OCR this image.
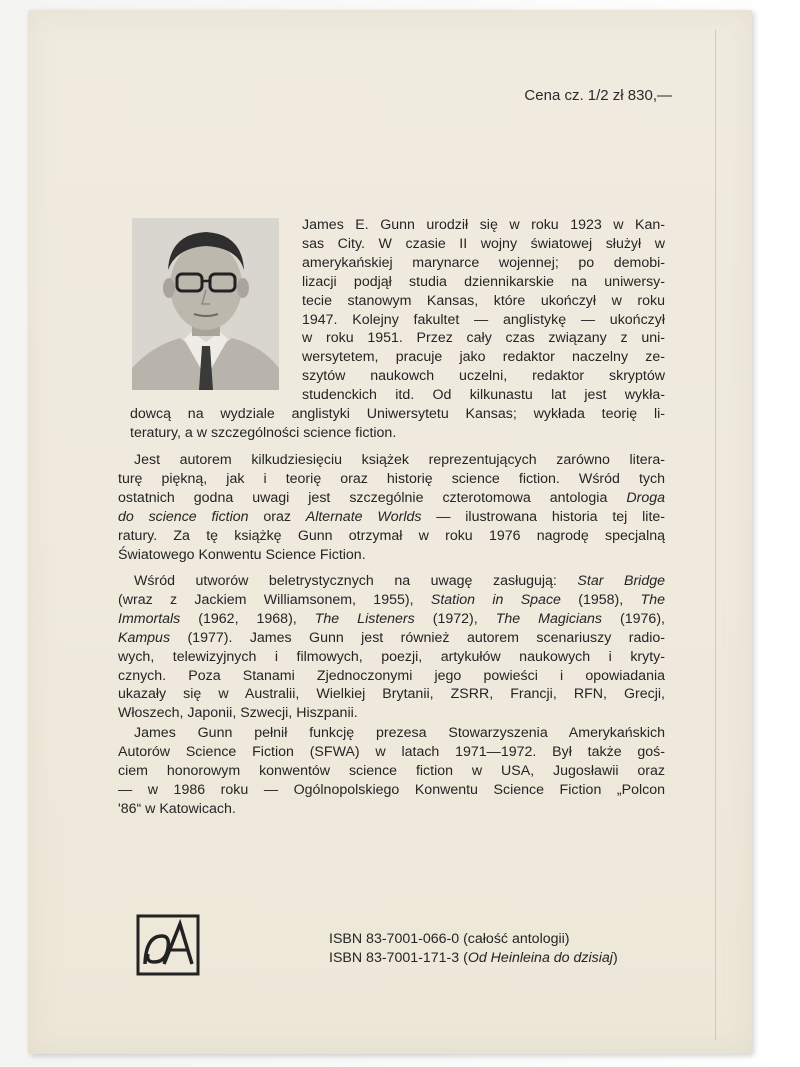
Cena cz. 1/2 zł 830,—
James E. Gunn urodził się w roku 1923 w Kan-
sas City. W czasie II wojny światowej służył w
amerykańskiej marynarce wojennej; po demobi-
lizacji podjął studia dziennikarskie na uniwersy-
tecie stanowym Kansas, które ukończył w roku
1947. Kolejny fakultet — anglistykę — ukończył
w roku 1951. Przez cały czas związany z uni-
wersytetem, pracuje jako redaktor naczelny ze-
szytów naukowch uczelni, redaktor skryptów
studenckich itd. Od kilkunastu lat jest wykła-
dowcą na wydziale anglistyki Uniwersytetu Kansas; wykłada teorię li-
teratury, a w szczególności science fiction.
Jest autorem kilkudziesięciu książek reprezentujących zarówno litera-
turę piękną, jak i teorię oraz historię science fiction. Wśród tych
ostatnich godna uwagi jest szczególnie czterotomowa antologia Droga
do science fiction oraz Alternate Worlds — ilustrowana historia tej lite-
ratury. Za tę książkę Gunn otrzymał w roku 1976 nagrodę specjalną
Światowego Konwentu Science Fiction.
Wśród utworów beletrystycznych na uwagę zasługują: Star Bridge
(wraz z Jackiem Williamsonem, 1955), Station in Space (1958), The
Immortals (1962, 1968), The Listeners (1972), The Magicians (1976),
Kampus (1977). James Gunn jest również autorem scenariuszy radio-
wych, telewizyjnych i filmowych, poezji, artykułów naukowych i kryty-
cznych. Poza Stanami Zjednoczonymi jego powieści i opowiadania
ukazały się w Australii, Wielkiej Brytanii, ZSRR, Francji, RFN, Grecji,
Włoszech, Japonii, Szwecji, Hiszpanii.
James Gunn pełnił funkcję prezesa Stowarzyszenia Amerykańskich
Autorów Science Fiction (SFWA) w latach 1971—1972. Był także goś-
ciem honorowym konwentów science fiction w USA, Jugosławii oraz
— w 1986 roku — Ogólnopolskiego Konwentu Science Fiction „Polcon
'86“ w Katowicach.
ISBN 83-7001-066-0 (całość antologii)
ISBN 83-7001-171-3 (Od Heinleina do dzisiaj)
